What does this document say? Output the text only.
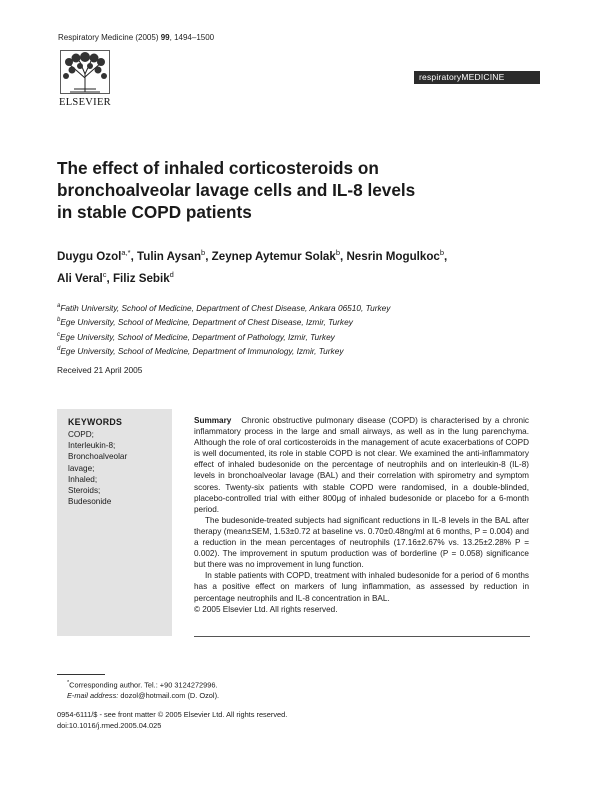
Respiratory Medicine (2005) 99, 1494–1500
ELSEVIER
respiratoryMEDICINE
The effect of inhaled corticosteroids on
bronchoalveolar lavage cells and IL-8 levels
in stable COPD patients
Duygu Ozol$^{a,*}$, Tulin Aysan$^b$, Zeynep Aytemur Solak$^b$, Nesrin Mogulkoc$^b$,
Ali Veral$^c$, Filiz Sebik$^d$
$^a$Fatih University, School of Medicine, Department of Chest Disease, Ankara 06510, Turkey
$^b$Ege University, School of Medicine, Department of Chest Disease, Izmir, Turkey
$^c$Ege University, School of Medicine, Department of Pathology, Izmir, Turkey
$^d$Ege University, School of Medicine, Department of Immunology, Izmir, Turkey
Received 21 April 2005
KEYWORDS
COPD;
Interleukin-8;
Bronchoalveolar
lavage;
Inhaled;
Steroids;
Budesonide

Summary Chronic obstructive pulmonary disease (COPD) is characterised by a chronic inflammatory process in the large and small airways, as well as in the lung parenchyma. Although the role of oral corticosteroids in the management of acute exacerbations of COPD is well documented, its role in stable COPD is not clear. We examined the anti-inflammatory effect of inhaled budesonide on the percentage of neutrophils and on interleukin-8 (IL-8) levels in bronchoalveolar lavage (BAL) and their correlation with spirometry and symptom scores. Twenty-six patients with stable COPD were randomised, in a double-blinded, placebo-controlled trial with either 800μg of inhaled budesonide or placebo for a 6-month period.

The budesonide-treated subjects had significant reductions in IL-8 levels in the BAL after therapy (mean±SEM, 1.53±0.72 at baseline vs. 0.70±0.48ng/ml at 6 months, P = 0.004) and a reduction in the mean percentages of neutrophils (17.16±2.67% vs. 13.25±2.28% P = 0.002). The improvement in sputum production was of borderline (P = 0.058) significance but there was no improvement in lung function.

In stable patients with COPD, treatment with inhaled budesonide for a period of 6 months has a positive effect on markers of lung inflammation, as assessed by reduction in percentage neutrophils and IL-8 concentration in BAL.

© 2005 Elsevier Ltd. All rights reserved.

*Corresponding author. Tel.: +90 3124272996.
E-mail address: dozol@hotmail.com (D. Ozol).
0954-6111/$ - see front matter © 2005 Elsevier Ltd. All rights reserved.
doi:10.1016/j.rmed.2005.04.025
